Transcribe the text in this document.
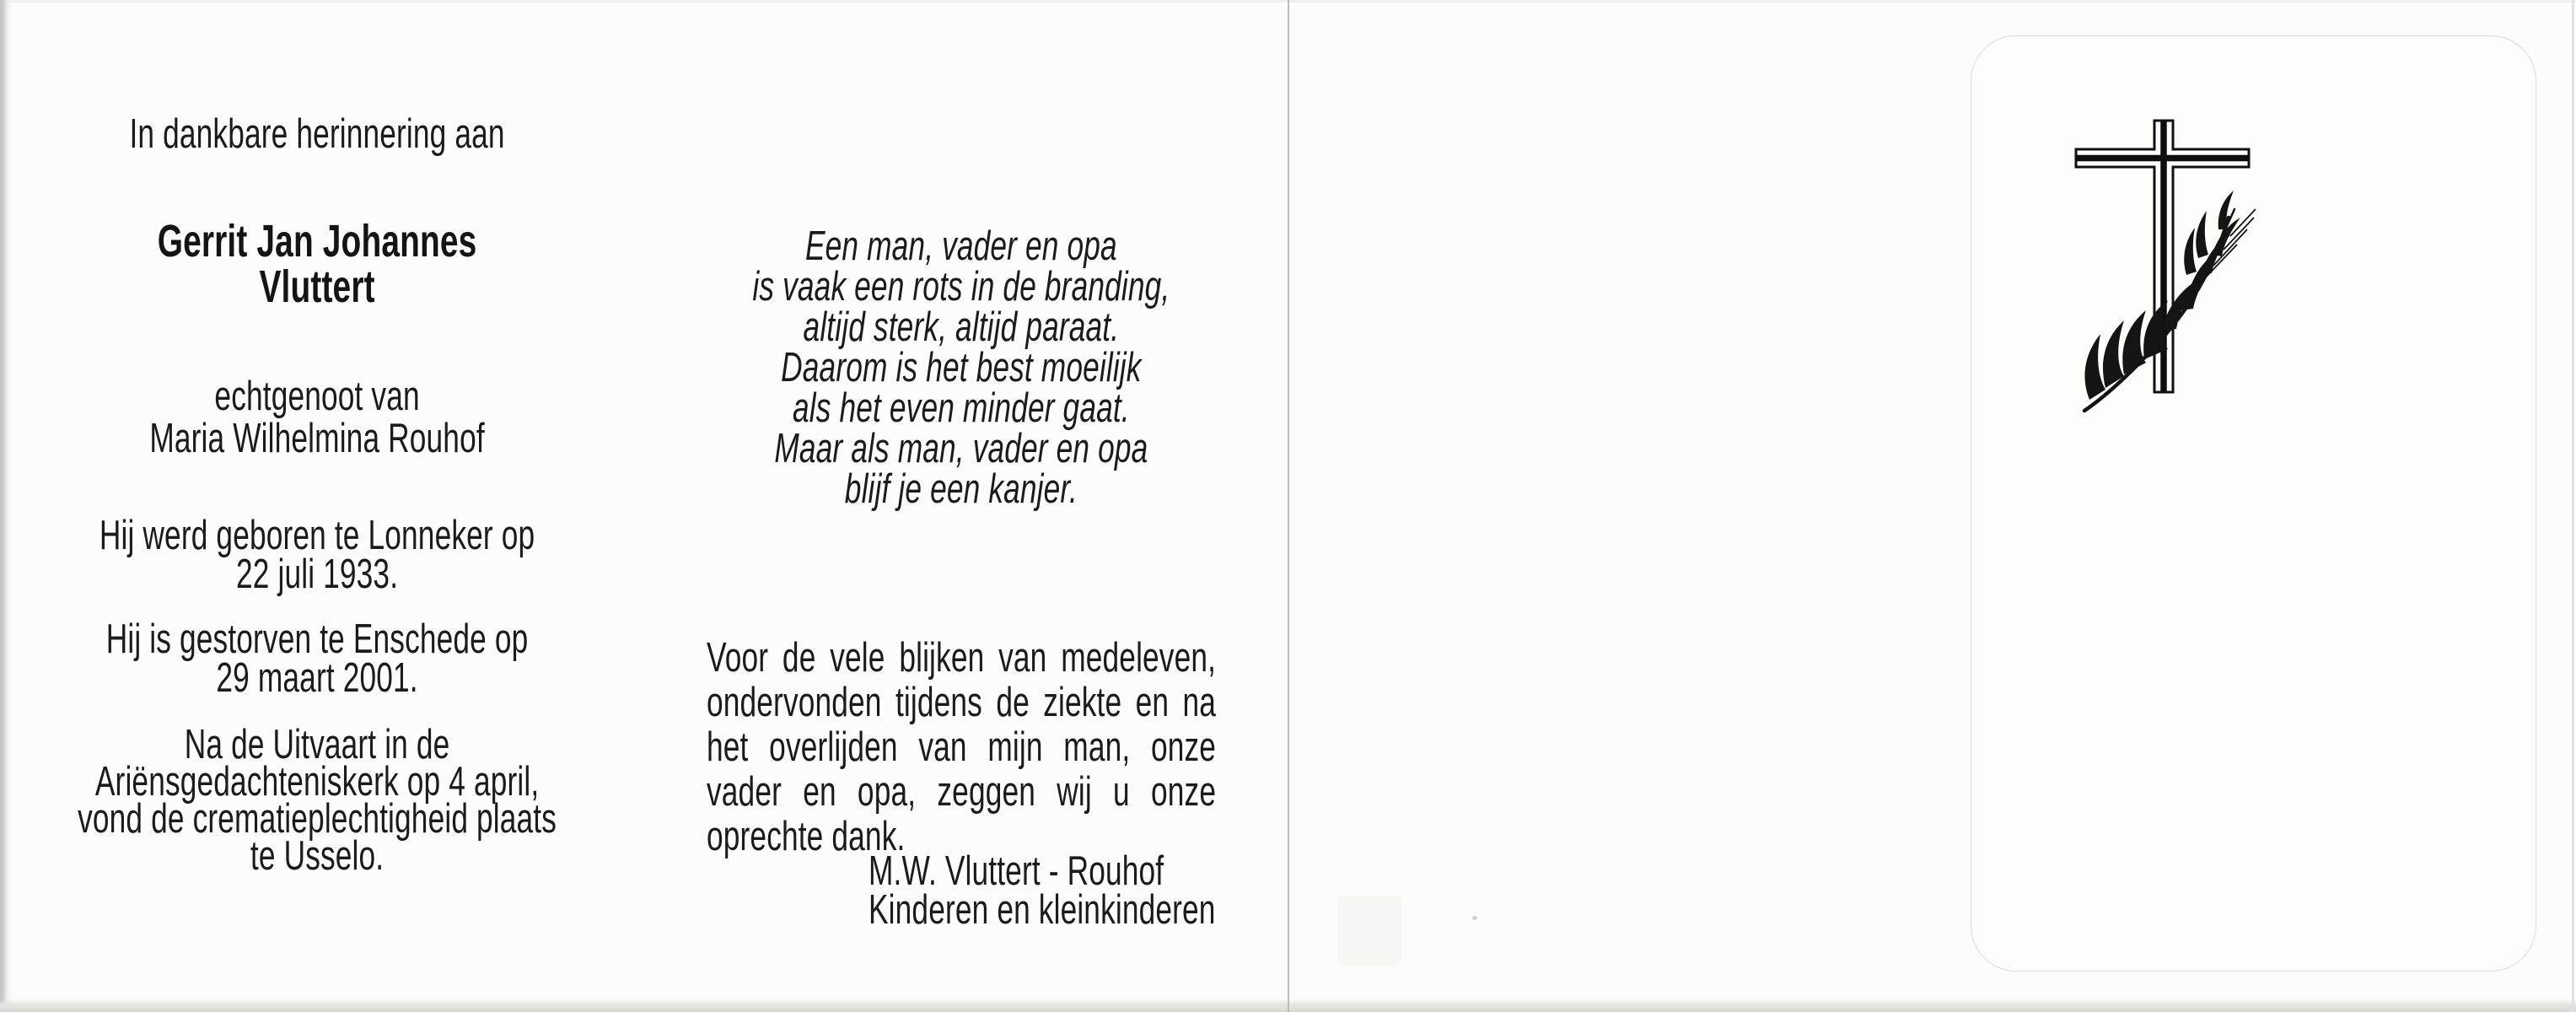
In dankbare herinnering aan
Gerrit Jan Johannes
Vluttert
echtgenoot van
Maria Wilhelmina Rouhof
Hij werd geboren te Lonneker op
22 juli 1933.
Hij is gestorven te Enschede op
29 maart 2001.
Na de Uitvaart in de
Ariënsgedachteniskerk op 4 april,
vond de crematieplechtigheid plaats
te Usselo.
Een man, vader en opa
is vaak een rots in de branding,
altijd sterk, altijd paraat.
Daarom is het best moeilijk
als het even minder gaat.
Maar als man, vader en opa
blijf je een kanjer.
Voor de vele blijken van medeleven,
ondervonden tijdens de ziekte en na
het overlijden van mijn man, onze
vader en opa, zeggen wij u onze
oprechte dank.
M.W. Vluttert - Rouhof
Kinderen en kleinkinderen
